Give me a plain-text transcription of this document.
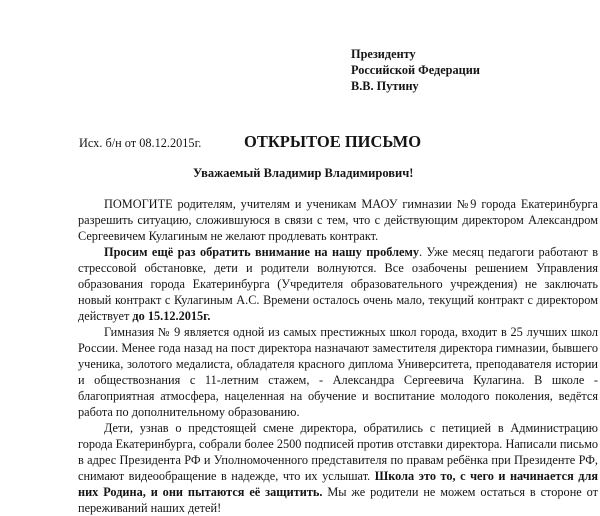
Президенту
Российской Федерации
В.В. Путину
Исх. б/н от 08.12.2015г.	ОТКРЫТОЕ ПИСЬМО
Уважаемый Владимир Владимирович!

ПОМОГИТЕ родителям, учителям и ученикам МАОУ гимназии №9 города Екатеринбурга разрешить ситуацию, сложившуюся в связи с тем, что с действующим директором Александром Сергеевичем Кулагиным не желают продлевать контракт.

Просим ещё раз обратить внимание на нашу проблему. Уже месяц педагоги работают в стрессовой обстановке, дети и родители волнуются. Все озабочены решением Управления образования города Екатеринбурга (Учредителя образовательного учреждения) не заключать новый контракт с Кулагиным А.С. Времени осталось очень мало, текущий контракт с директором действует до 15.12.2015г.

Гимназия № 9 является одной из самых престижных школ города, входит в 25 лучших школ России. Менее года назад на пост директора назначают заместителя директора гимназии, бывшего ученика, золотого медалиста, обладателя красного диплома Университета, преподавателя истории и обществознания с 11-летним стажем, - Александра Сергеевича Кулагина. В школе - благоприятная атмосфера, нацеленная на обучение и воспитание молодого поколения, ведётся работа по дополнительному образованию.

Дети, узнав о предстоящей смене директора, обратились с петицией в Администрацию города Екатеринбурга, собрали более 2500 подписей против отставки директора. Написали письмо в адрес Президента РФ и Уполномоченного представителя по правам ребёнка при Президенте РФ, снимают видеообращение в надежде, что их услышат. Школа это то, с чего и начинается для них Родина, и они пытаются её защитить. Мы же родители не можем остаться в стороне от переживаний наших детей!
